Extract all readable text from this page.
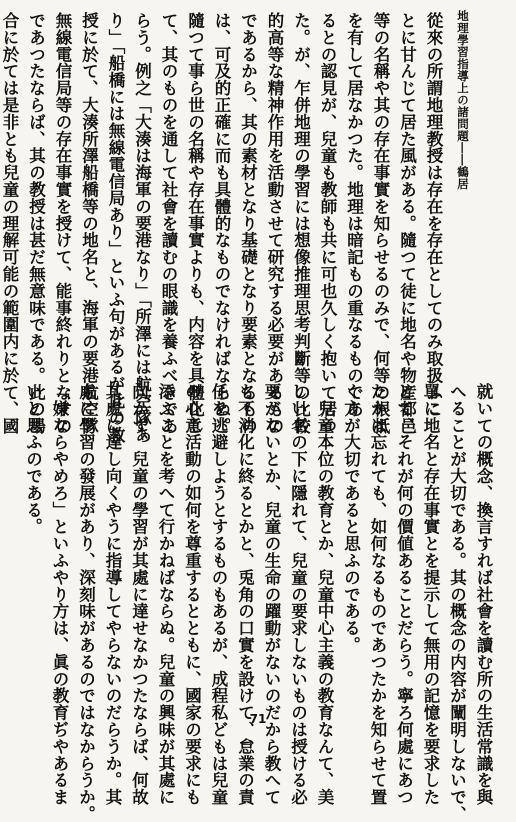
地理學習指導上の諸問題――鶴居
從來の所謂地理教授は存在を存在としてのみ取扱ふこ
とに甘んじて居た風がある。隨つて徒に地名や物産都邑
等の名稱や其の存在事實を知らせるのみで、何等の根抵
を有して居なかつた。地理は暗記もの重なるものであ
るとの認見が、兒童も教師も共に可也久しく抱いて居つ
た。が、乍併地理の學習には想像推理思考判斷等の比較
的高等な精神作用を活動させて研究する必要があるもの
であるから、其の素材となり基礎となり要素となるもの
は、可及的正確に而も具體的なものでなければならぬ。
隨つて事ら世の名稱や存在事實よりも、内容を具體化し
て、其のものを通して社會を讀むの眼識を養ふべきであ
らう。例之「大湊は海軍の要港なり」「所澤には航空隊あ
り」「船橋には無線電信局あり」といふ句があるが此の教
授に於て、大湊所澤船橋等の地名と、海軍の要港航空隊
無線電信局等の存在事實を授けて、能事終れりとなすの
であつたならば、其の教授は甚だ無意味である。此の場
合に於ては是非とも兒童の理解可能の範圍内に於て、國
就いての概念、換言すれば社會を讀む所の生活常識を與
へることが大切である。其の概念の内容が闡明しないで、
單に地名と存在事實とを提示して無用の記憶を要求した
とて、それが何の價値あることだらう。寧ろ何處にあつ
たかは忘れても、如何なるものであつたかを知らせて置
く方が大切であると思ふのである。
　兒童本位の教育とか、兒童中心主義の教育なんて、美
しい名の下に隱れて、兒童の要求しないものは授ける必
要がないとか、兒童の生命の躍動がないのだから教へて
も不消化に終るとかと、兎角の口實を設けて、怠業の責
任を逃避しようとするものもあるが、成程私どもは兒童
の心意活動の如何を尊重するとともに、國家の要求にも
添ふことを考へて行かねばならぬ。兒童の興味が其處に
向かず、兒童の學習が其處に達せなかつたならば、何故
其處に達し向くやうに指導してやらないのだらうか。其
處に學習の發展があり、深刻味があるのではなからうか。
「嫌ならやめろ」といふやり方は、眞の教育ぢやあるま
いと思ふのである。
71
